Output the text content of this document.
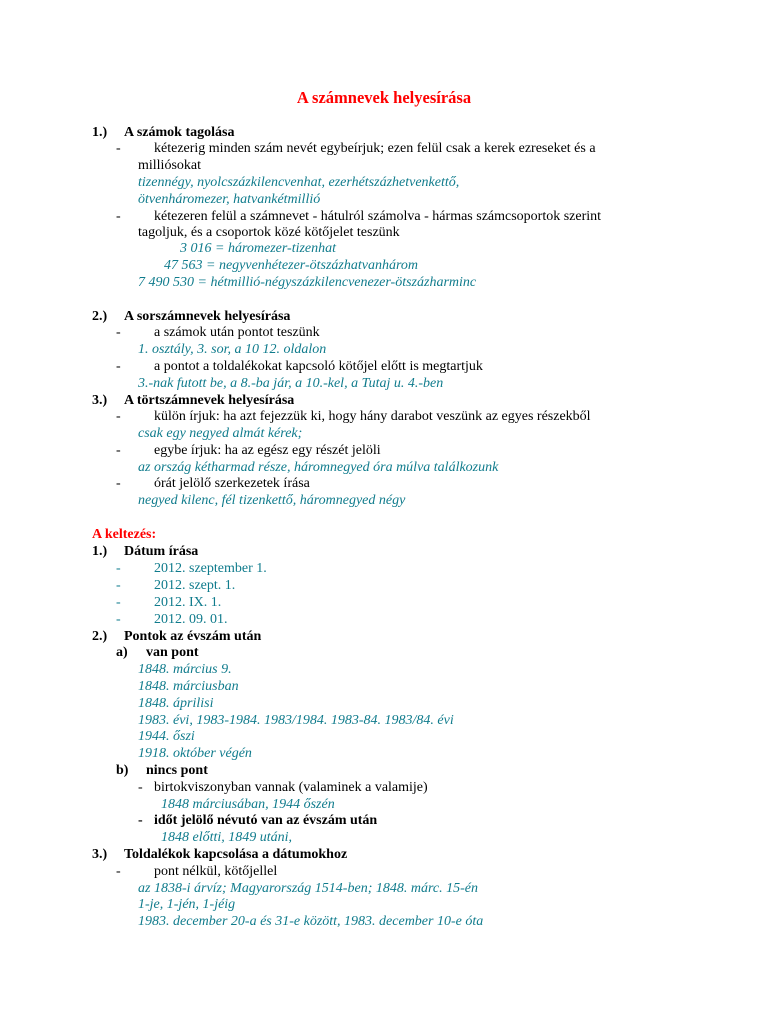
A számnevek helyesírása
1.) A számok tagolása
- kétezerig minden szám nevét egybeírjuk; ezen felül csak a kerek ezreseket és a
milliósokat
tizennégy, nyolcszázkilencvenhat, ezerhétszázhetvenkettő,
ötvenháromezer, hatvankétmillió
- kétezeren felül a számnevet - hátulról számolva - hármas számcsoportok szerint
tagoljuk, és a csoportok közé kötőjelet teszünk
3 016 = háromezer-tizenhat
47 563 = negyvenhétezer-ötszázhatvanhárom
7 490 530 = hétmillió-négyszázkilencvenezer-ötszázharminc
2.) A sorszámnevek helyesírása
- a számok után pontot teszünk
1. osztály, 3. sor, a 10 12. oldalon
- a pontot a toldalékokat kapcsoló kötőjel előtt is megtartjuk
3.-nak futott be, a 8.-ba jár, a 10.-kel, a Tutaj u. 4.-ben
3.) A törtszámnevek helyesírása
- külön írjuk: ha azt fejezzük ki, hogy hány darabot veszünk az egyes részekből
csak egy negyed almát kérek;
- egybe írjuk: ha az egész egy részét jelöli
az ország kétharmad része, háromnegyed óra múlva találkozunk
- órát jelölő szerkezetek írása
negyed kilenc, fél tizenkettő, háromnegyed négy
A keltezés:
1.) Dátum írása
- 2012. szeptember 1.
- 2012. szept. 1.
- 2012. IX. 1.
- 2012. 09. 01.
2.) Pontok az évszám után
a) van pont
1848. március 9.
1848. márciusban
1848. áprilisi
1983. évi, 1983-1984. 1983/1984. 1983-84. 1983/84. évi
1944. őszi
1918. október végén
b) nincs pont
- birtokviszonyban vannak (valaminek a valamije)
1848 márciusában, 1944 őszén
- időt jelölő névutó van az évszám után
1848 előtti, 1849 utáni,
3.) Toldalékok kapcsolása a dátumokhoz
- pont nélkül, kötőjellel
az 1838-i árvíz; Magyarország 1514-ben; 1848. márc. 15-én
1-je, 1-jén, 1-jéig
1983. december 20-a és 31-e között, 1983. december 10-e óta
